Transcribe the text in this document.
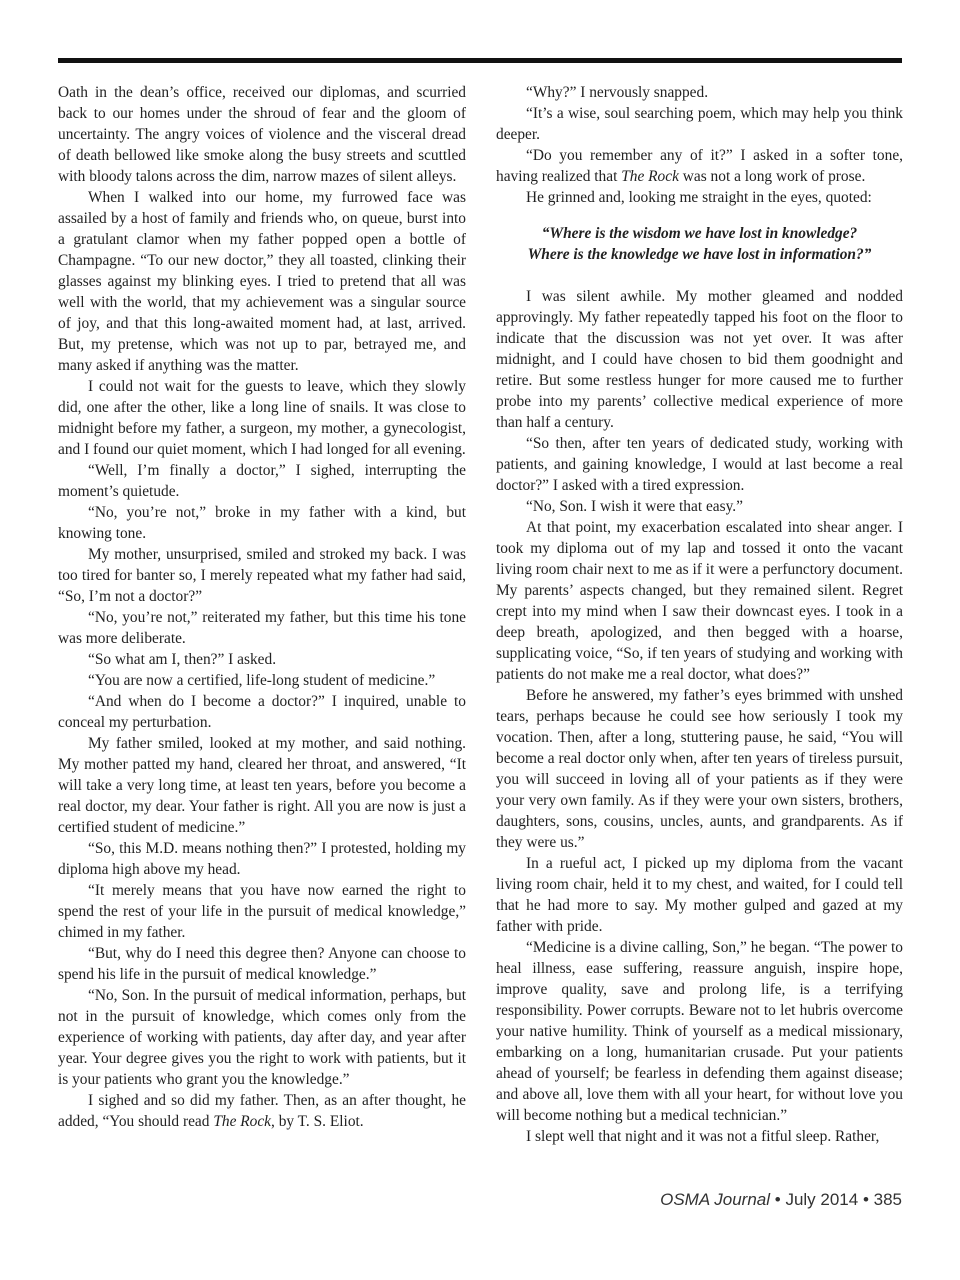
Oath in the dean’s office, received our diplomas, and scurried back to our homes under the shroud of fear and the gloom of uncertainty. The angry voices of violence and the visceral dread of death bellowed like smoke along the busy streets and scuttled with bloody talons across the dim, narrow mazes of silent alleys.

When I walked into our home, my furrowed face was assailed by a host of family and friends who, on queue, burst into a gratulant clamor when my father popped open a bottle of Champagne. “To our new doctor,” they all toasted, clinking their glasses against my blinking eyes. I tried to pretend that all was well with the world, that my achievement was a singular source of joy, and that this long-awaited moment had, at last, arrived. But, my pretense, which was not up to par, betrayed me, and many asked if anything was the matter.

I could not wait for the guests to leave, which they slowly did, one after the other, like a long line of snails. It was close to midnight before my father, a surgeon, my mother, a gynecologist, and I found our quiet moment, which I had longed for all evening.

“Well, I’m finally a doctor,” I sighed, interrupting the moment’s quietude.

“No, you’re not,” broke in my father with a kind, but knowing tone.

My mother, unsurprised, smiled and stroked my back. I was too tired for banter so, I merely repeated what my father had said, “So, I’m not a doctor?”

“No, you’re not,” reiterated my father, but this time his tone was more deliberate.

“So what am I, then?” I asked.

“You are now a certified, life-long student of medicine.”

“And when do I become a doctor?” I inquired, unable to conceal my perturbation.

My father smiled, looked at my mother, and said nothing. My mother patted my hand, cleared her throat, and answered, “It will take a very long time, at least ten years, before you become a real doctor, my dear. Your father is right. All you are now is just a certified student of medicine.”

“So, this M.D. means nothing then?” I protested, holding my diploma high above my head.

“It merely means that you have now earned the right to spend the rest of your life in the pursuit of medical knowledge,” chimed in my father.

“But, why do I need this degree then? Anyone can choose to spend his life in the pursuit of medical knowledge.”

“No, Son. In the pursuit of medical information, perhaps, but not in the pursuit of knowledge, which comes only from the experience of working with patients, day after day, and year after year. Your degree gives you the right to work with patients, but it is your patients who grant you the knowledge.”

I sighed and so did my father. Then, as an after thought, he added, “You should read The Rock, by T. S. Eliot.

“Why?” I nervously snapped.

“It’s a wise, soul searching poem, which may help you think deeper.

“Do you remember any of it?” I asked in a softer tone, having realized that The Rock was not a long work of prose.

He grinned and, looking me straight in the eyes, quoted:

“Where is the wisdom we have lost in knowledge?
Where is the knowledge we have lost in information?”

I was silent awhile. My mother gleamed and nodded approvingly. My father repeatedly tapped his foot on the floor to indicate that the discussion was not yet over. It was after midnight, and I could have chosen to bid them goodnight and retire. But some restless hunger for more caused me to further probe into my parents’ collective medical experience of more than half a century.

“So then, after ten years of dedicated study, working with patients, and gaining knowledge, I would at last become a real doctor?” I asked with a tired expression.

“No, Son. I wish it were that easy.”

At that point, my exacerbation escalated into shear anger. I took my diploma out of my lap and tossed it onto the vacant living room chair next to me as if it were a perfunctory document. My parents’ aspects changed, but they remained silent. Regret crept into my mind when I saw their downcast eyes. I took in a deep breath, apologized, and then begged with a hoarse, supplicating voice, “So, if ten years of studying and working with patients do not make me a real doctor, what does?”

Before he answered, my father’s eyes brimmed with unshed tears, perhaps because he could see how seriously I took my vocation. Then, after a long, stuttering pause, he said, “You will become a real doctor only when, after ten years of tireless pursuit, you will succeed in loving all of your patients as if they were your very own family. As if they were your own sisters, brothers, daughters, sons, cousins, uncles, aunts, and grandparents. As if they were us.”

In a rueful act, I picked up my diploma from the vacant living room chair, held it to my chest, and waited, for I could tell that he had more to say. My mother gulped and gazed at my father with pride.

“Medicine is a divine calling, Son,” he began. “The power to heal illness, ease suffering, reassure anguish, inspire hope, improve quality, save and prolong life, is a terrifying responsibility. Power corrupts. Beware not to let hubris overcome your native humility. Think of yourself as a medical missionary, embarking on a long, humanitarian crusade. Put your patients ahead of yourself; be fearless in defending them against disease; and above all, love them with all your heart, for without love you will become nothing but a medical technician.”

I slept well that night and it was not a fitful sleep. Rather,

OSMA Journal • July 2014 • 385
